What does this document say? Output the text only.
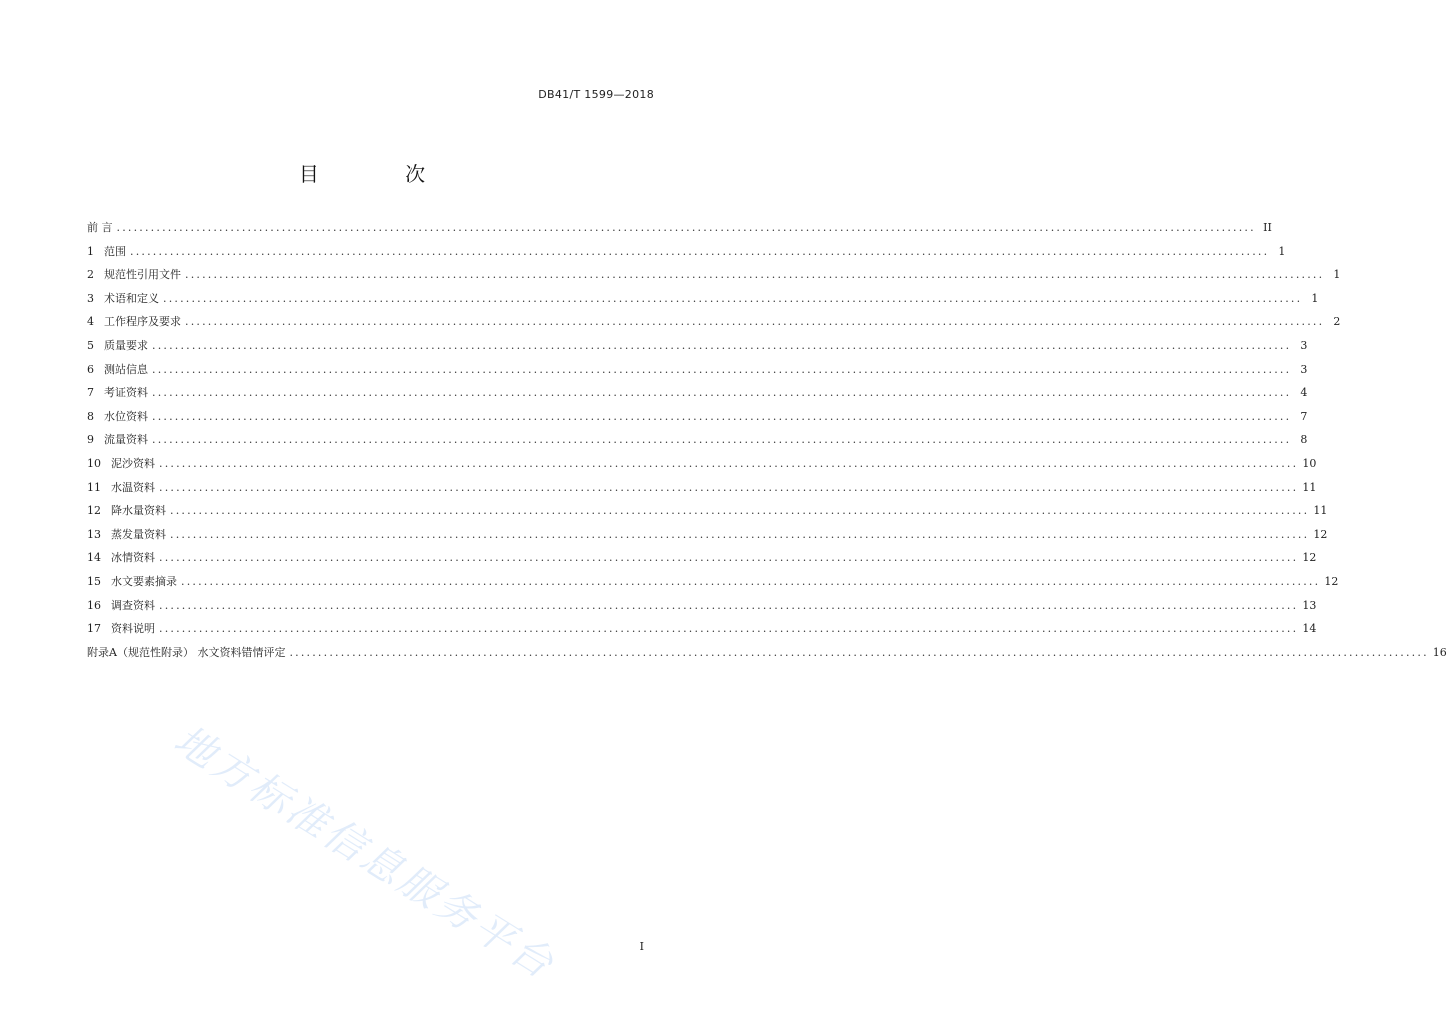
DB41/T 1599—2018
目 次
前 言 ........................................................................................................................................................................................................ II
1 范围 ........................................................................................................................................................................................................ 1
2 规范性引用文件 ........................................................................................................................................................................................................ 1
3 术语和定义 ........................................................................................................................................................................................................ 1
4 工作程序及要求 ........................................................................................................................................................................................................ 2
5 质量要求 ........................................................................................................................................................................................................ 3
6 测站信息 ........................................................................................................................................................................................................ 3
7 考证资料 ........................................................................................................................................................................................................ 4
8 水位资料 ........................................................................................................................................................................................................ 7
9 流量资料 ........................................................................................................................................................................................................ 8
10 泥沙资料 ........................................................................................................................................................................................................ 10
11 水温资料 ........................................................................................................................................................................................................ 11
12 降水量资料 ........................................................................................................................................................................................................ 11
13 蒸发量资料 ........................................................................................................................................................................................................ 12
14 冰情资料 ........................................................................................................................................................................................................ 12
15 水文要素摘录 ........................................................................................................................................................................................................ 12
16 调查资料 ........................................................................................................................................................................................................ 13
17 资料说明 ........................................................................................................................................................................................................ 14
附录A（规范性附录） 水文资料错情评定 ........................................................................................................................................................................................................ 16
地方标准信息服务平台	I
